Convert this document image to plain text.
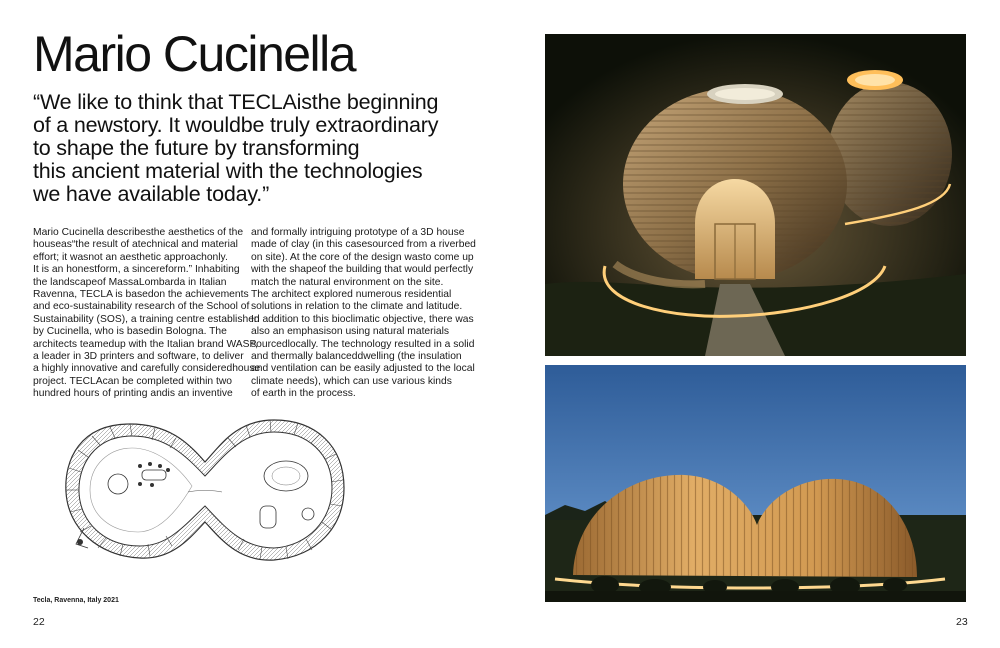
Mario Cucinella
“We like to think that TECLAisthe beginning
of a newstory. It wouldbe truly extraordinary
to shape the future by transforming
this ancient material with the technologies
we have available today.”
Mario Cucinella describesthe aesthetics of the
houseas“the result of atechnical and material
effort; it wasnot an aesthetic approachonly.
It is an honestform, a sincereform.” Inhabiting
the landscapeof MassaLombarda in Italian
Ravenna, TECLA is basedon the achievements
and eco-sustainability research of the School of
Sustainability (SOS), a training centre established
by Cucinella, who is basedin Bologna. The
architects teamedup with the Italian brand WASP,
a leader in 3D printers and software, to deliver
a highly innovative and carefully consideredhouse
project. TECLAcan be completed within two
hundred hours of printing andis an inventive
and formally intriguing prototype of a 3D house
made of clay (in this casesourced from a riverbed
on site). At the core of the design wasto come up
with the shapeof the building that would perfectly
match the natural environment on the site.
The architect explored numerous residential
solutions in relation to the climate and latitude.
In addition to this bioclimatic objective, there was
also an emphasison using natural materials
sourcedlocally. The technology resulted in a solid
and thermally balanceddwelling (the insulation
and ventilation can be easily adjusted to the local
climate needs), which can use various kinds
of earth in the process.
Tecla, Ravenna, Italy 2021
22	23
